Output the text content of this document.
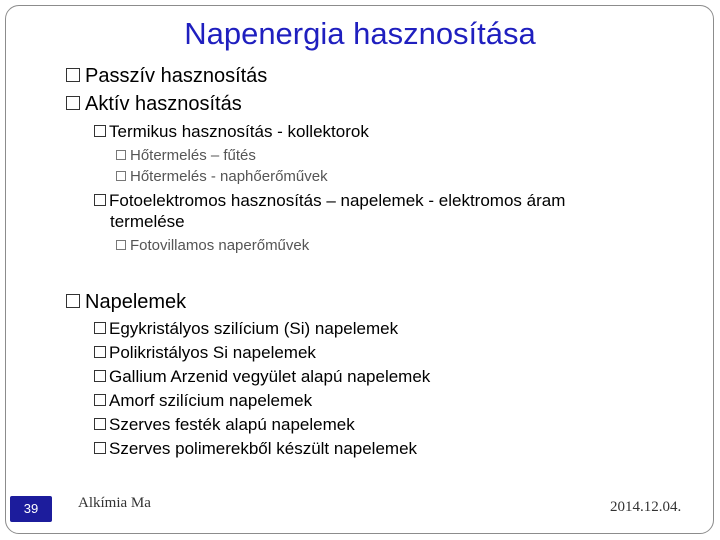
Napenergia hasznosítása
Passzív hasznosítás
Aktív hasznosítás
Termikus hasznosítás - kollektorok
Hőtermelés – fűtés
Hőtermelés - naphőerőművek
Fotoelektromos hasznosítás – napelemek - elektromos áram
termelése
Fotovillamos naperőművek
Napelemek
Egykristályos szilícium (Si) napelemek
Polikristályos Si napelemek
Gallium Arzenid vegyület alapú napelemek
Amorf szilícium napelemek
Szerves festék alapú napelemek
Szerves polimerekből készült napelemek
39	Alkímia Ma	2014.12.04.
